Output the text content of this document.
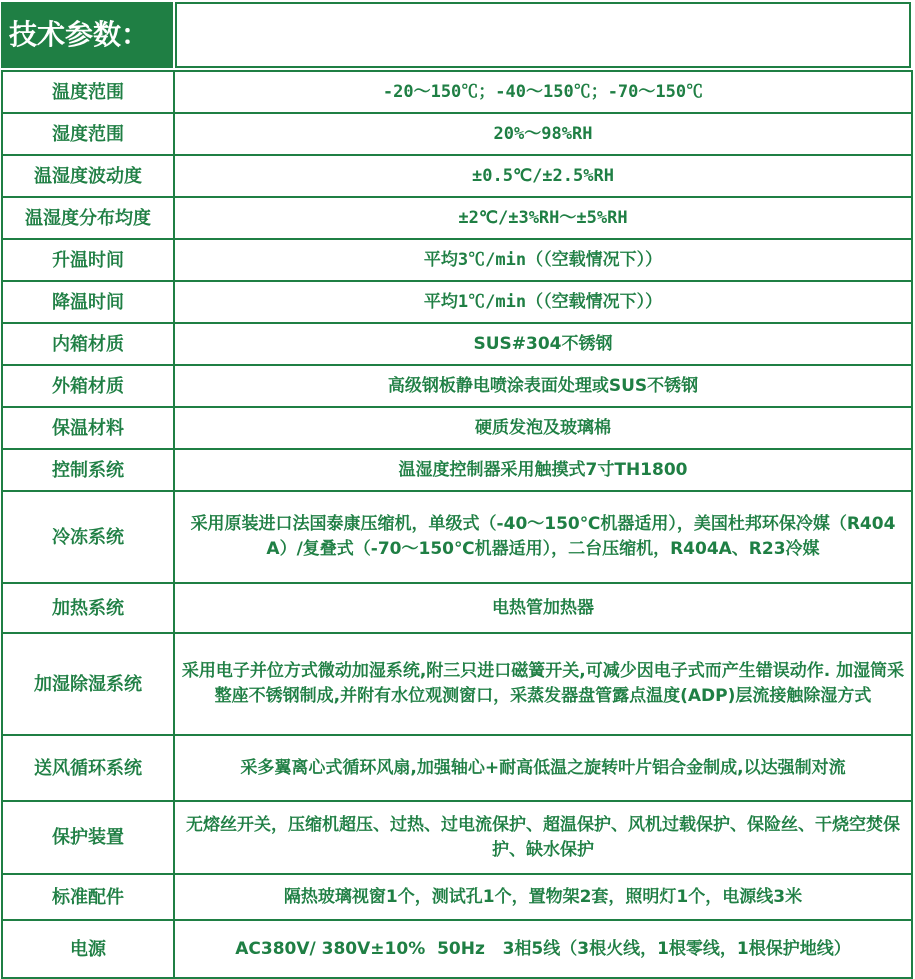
技术参数：
温度范围	-20～150℃；-40～150℃；-70～150℃
湿度范围	20%～98%RH
温湿度波动度	±0.5℃/±2.5%RH
温湿度分布均度	±2℃/±3%RH～±5%RH
升温时间	平均3℃/min（（空载情况下））
降温时间	平均1℃/min（（空载情况下））
内箱材质	SUS#304不锈钢
外箱材质	高级钢板静电喷涂表面处理或SUS不锈钢
保温材料	硬质发泡及玻璃棉
控制系统	温湿度控制器采用触摸式7寸TH1800
冷冻系统	采用原装进口法国泰康压缩机，单级式（-40～150℃机器适用），美国杜邦环保冷媒（R404A）/复叠式（-70～150℃机器适用），二台压缩机，R404A、R23冷媒
加热系统	电热管加热器
加湿除湿系统	采用电子并位方式微动加湿系统,附三只进口磁簧开关,可减少因电子式而产生错误动作. 加湿筒采整座不锈钢制成,并附有水位观测窗口，采蒸发器盘管露点温度(ADP)层流接触除湿方式
送风循环系统	采多翼离心式循环风扇,加强轴心+耐高低温之旋转叶片铝合金制成,以达强制对流
保护装置	无熔丝开关，压缩机超压、过热、过电流保护、超温保护、风机过载保护、保险丝、干烧空焚保护、缺水保护
标准配件	隔热玻璃视窗1个，测试孔1个，置物架2套，照明灯1个，电源线3米
电源	AC380V/ 380V±10%  50Hz   3相5线（3根火线，1根零线，1根保护地线）
